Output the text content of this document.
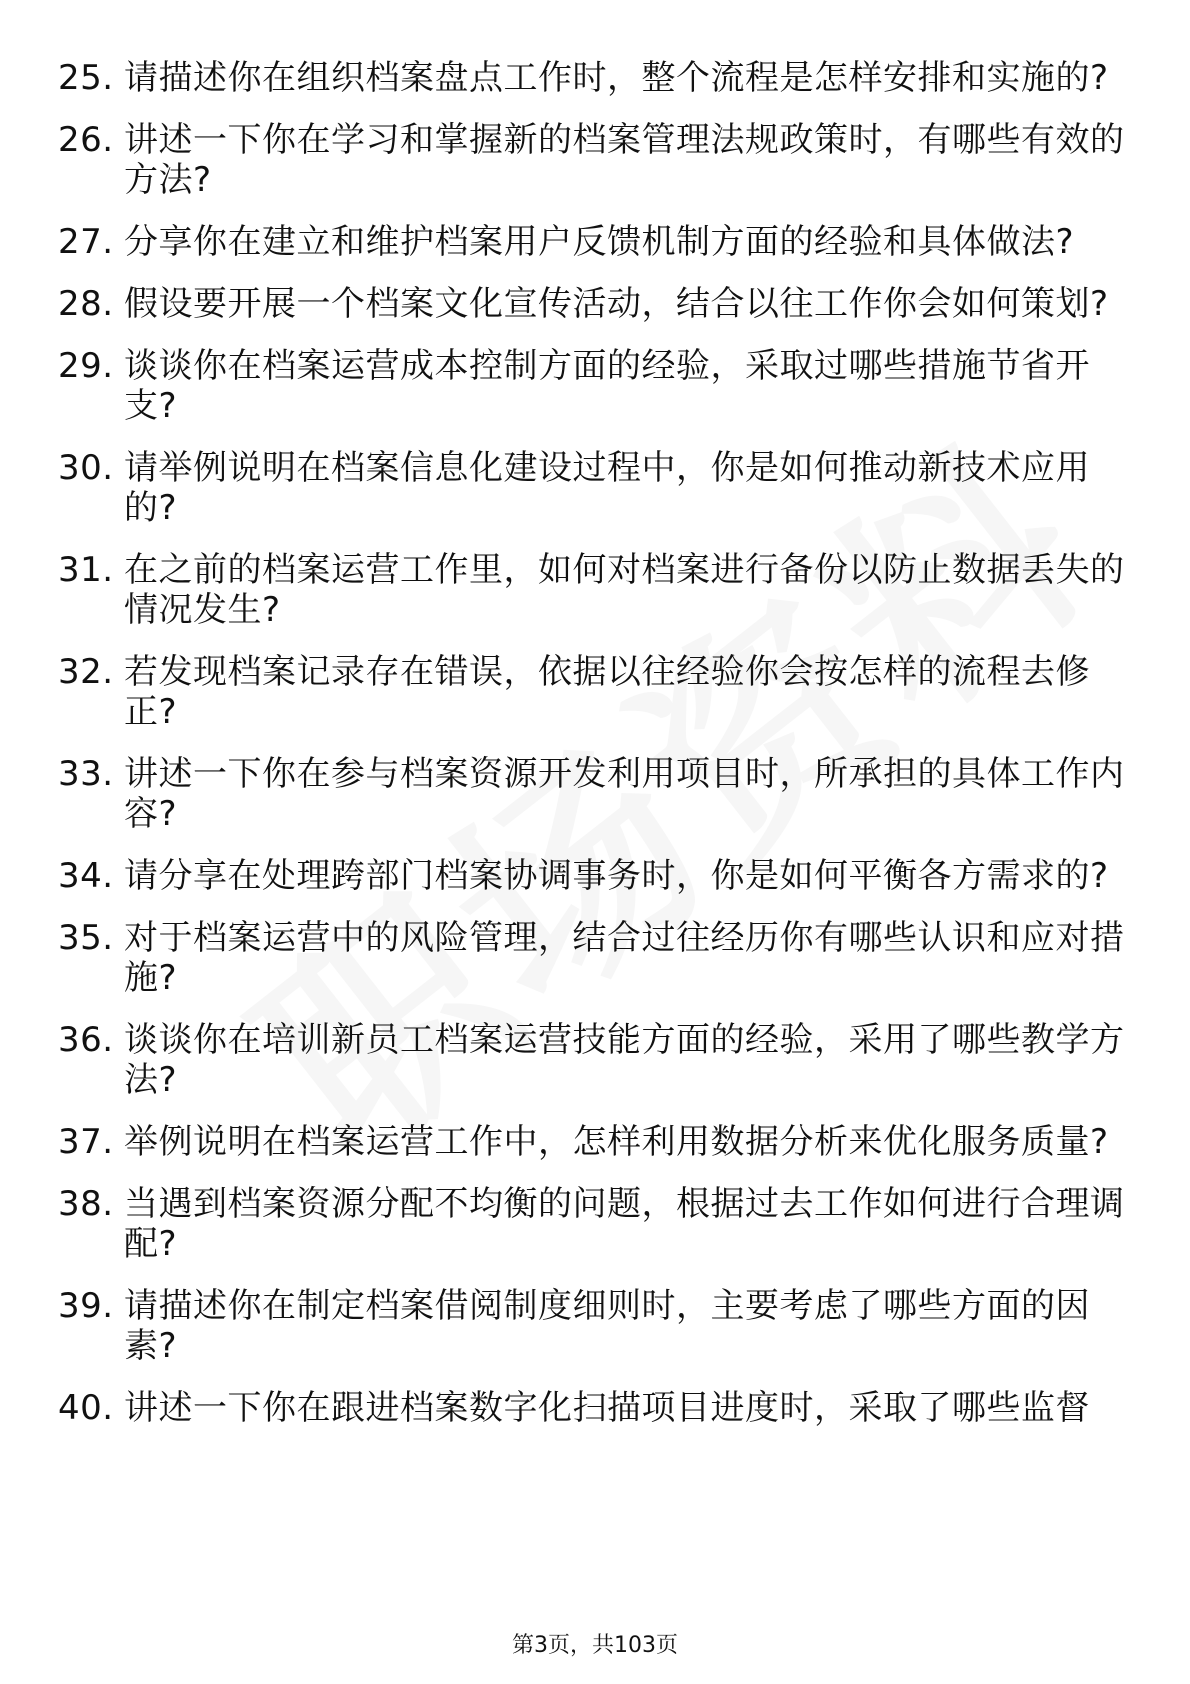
25. 请描述你在组织档案盘点工作时，整个流程是怎样安排和实施的?
26. 讲述一下你在学习和掌握新的档案管理法规政策时，有哪些有效的方法?
27. 分享你在建立和维护档案用户反馈机制方面的经验和具体做法?
28. 假设要开展一个档案文化宣传活动，结合以往工作你会如何策划?
29. 谈谈你在档案运营成本控制方面的经验，采取过哪些措施节省开支?
30. 请举例说明在档案信息化建设过程中，你是如何推动新技术应用的?
31. 在之前的档案运营工作里，如何对档案进行备份以防止数据丢失的情况发生?
32. 若发现档案记录存在错误，依据以往经验你会按怎样的流程去修正?
33. 讲述一下你在参与档案资源开发利用项目时，所承担的具体工作内容?
34. 请分享在处理跨部门档案协调事务时，你是如何平衡各方需求的?
35. 对于档案运营中的风险管理，结合过往经历你有哪些认识和应对措施?
36. 谈谈你在培训新员工档案运营技能方面的经验，采用了哪些教学方法?
37. 举例说明在档案运营工作中，怎样利用数据分析来优化服务质量?
38. 当遇到档案资源分配不均衡的问题，根据过去工作如何进行合理调配?
39. 请描述你在制定档案借阅制度细则时，主要考虑了哪些方面的因素?
40. 讲述一下你在跟进档案数字化扫描项目进度时，采取了哪些监督
第3页，共103页
